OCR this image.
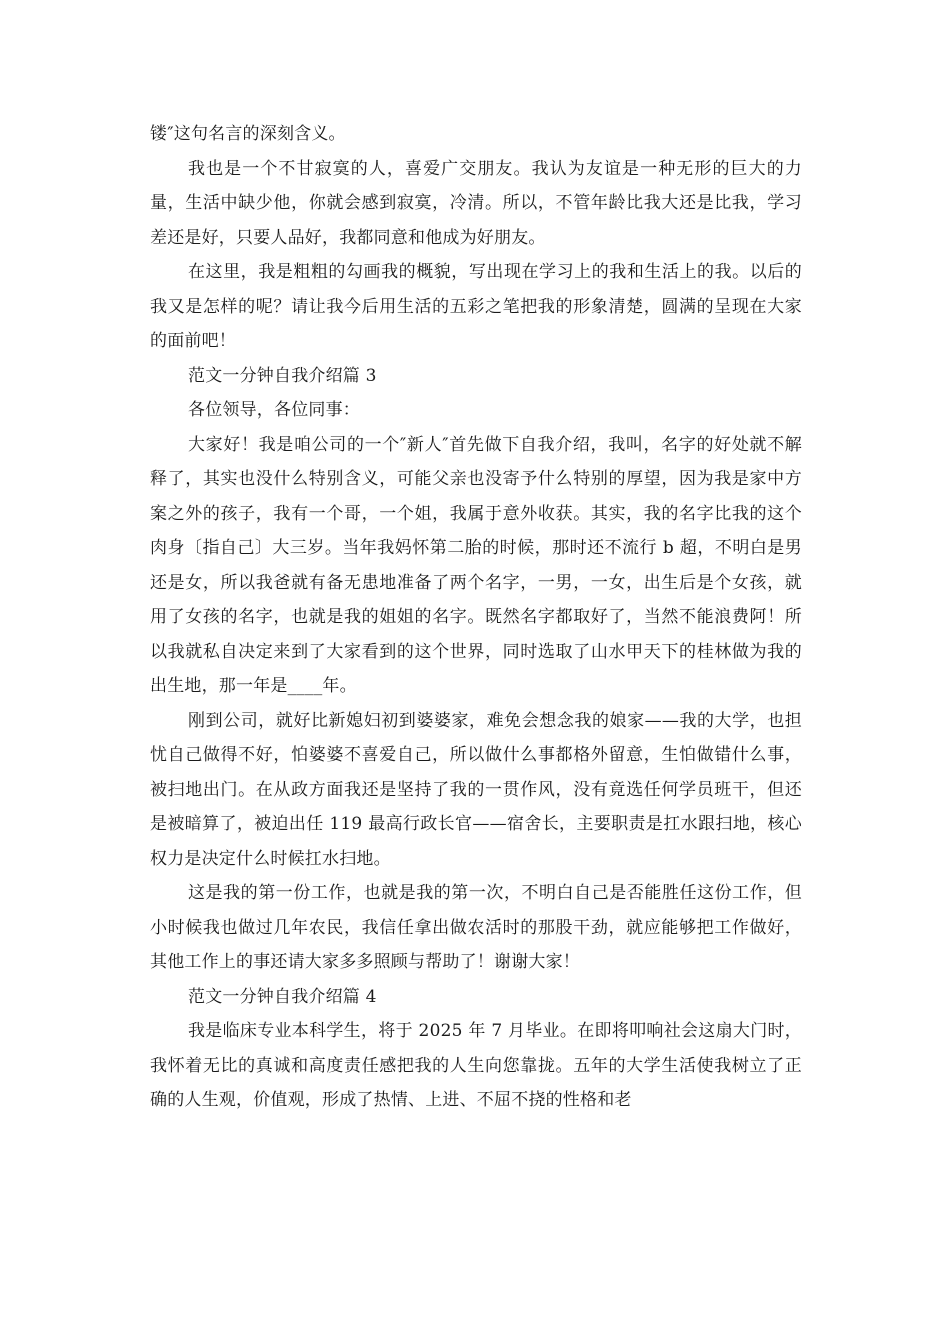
镂″这句名言的深刻含义。

我也是一个不甘寂寞的人，喜爱广交朋友。我认为友谊是一种无形的巨大的力量，生活中缺少他，你就会感到寂寞，冷清。所以，不管年龄比我大还是比我，学习差还是好，只要人品好，我都同意和他成为好朋友。

在这里，我是粗粗的勾画我的概貌，写出现在学习上的我和生活上的我。以后的我又是怎样的呢？请让我今后用生活的五彩之笔把我的形象清楚，圆满的呈现在大家的面前吧！

范文一分钟自我介绍篇 3

各位领导，各位同事：

大家好！我是咱公司的一个″新人″首先做下自我介绍，我叫，名字的好处就不解释了，其实也没什么特别含义，可能父亲也没寄予什么特别的厚望，因为我是家中方案之外的孩子，我有一个哥，一个姐，我属于意外收获。其实，我的名字比我的这个肉身〔指自己〕大三岁。当年我妈怀第二胎的时候，那时还不流行 b 超，不明白是男还是女，所以我爸就有备无患地准备了两个名字，一男，一女，出生后是个女孩，就用了女孩的名字，也就是我的姐姐的名字。既然名字都取好了，当然不能浪费阿！所以我就私自决定来到了大家看到的这个世界，同时选取了山水甲天下的桂林做为我的出生地，那一年是____年。

刚到公司，就好比新媳妇初到婆婆家，难免会想念我的娘家——我的大学，也担忧自己做得不好，怕婆婆不喜爱自己，所以做什么事都格外留意，生怕做错什么事，被扫地出门。在从政方面我还是坚持了我的一贯作风，没有竟选任何学员班干，但还是被暗算了，被迫出任 119 最高行政长官——宿舍长，主要职责是扛水跟扫地，核心权力是决定什么时候扛水扫地。

这是我的第一份工作，也就是我的第一次，不明白自己是否能胜任这份工作，但小时候我也做过几年农民，我信任拿出做农活时的那股干劲，就应能够把工作做好，其他工作上的事还请大家多多照顾与帮助了！谢谢大家！

范文一分钟自我介绍篇 4

我是临床专业本科学生，将于 2025 年 7 月毕业。在即将叩响社会这扇大门时，我怀着无比的真诚和高度责任感把我的人生向您靠拢。五年的大学生活使我树立了正确的人生观，价值观，形成了热情、上进、不屈不挠的性格和老
